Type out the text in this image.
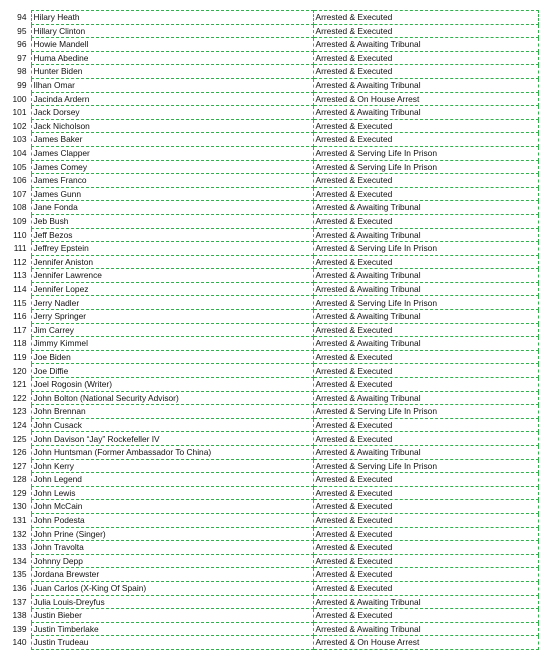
94	Hilary Heath	Arrested & Executed
95	Hillary Clinton	Arrested & Executed
96	Howie Mandell	Arrested & Awaiting Tribunal
97	Huma Abedine	Arrested & Executed
98	Hunter Biden	Arrested & Executed
99	Ilhan Omar	Arrested & Awaiting Tribunal
100	Jacinda Ardern	Arrested & On House Arrest
101	Jack Dorsey	Arrested & Awaiting Tribunal
102	Jack Nicholson	Arrested & Executed
103	James Baker	Arrested & Executed
104	James Clapper	Arrested & Serving Life In Prison
105	James Comey	Arrested & Serving Life In Prison
106	James Franco	Arrested & Executed
107	James Gunn	Arrested & Executed
108	Jane Fonda	Arrested & Awaiting Tribunal
109	Jeb Bush	Arrested & Executed
110	Jeff Bezos	Arrested & Awaiting Tribunal
111	Jeffrey Epstein	Arrested & Serving Life In Prison
112	Jennifer Aniston	Arrested & Executed
113	Jennifer Lawrence	Arrested & Awaiting Tribunal
114	Jennifer Lopez	Arrested & Awaiting Tribunal
115	Jerry Nadler	Arrested & Serving Life In Prison
116	Jerry Springer	Arrested & Awaiting Tribunal
117	Jim Carrey	Arrested & Executed
118	Jimmy Kimmel	Arrested & Awaiting Tribunal
119	Joe Biden	Arrested & Executed
120	Joe Diffie	Arrested & Executed
121	Joel Rogosin (Writer)	Arrested & Executed
122	John Bolton (National Security Advisor)	Arrested & Awaiting Tribunal
123	John Brennan	Arrested & Serving Life In Prison
124	John Cusack	Arrested & Executed
125	John Davison “Jay” Rockefeller IV	Arrested & Executed
126	John Huntsman (Former Ambassador To China)	Arrested & Awaiting Tribunal
127	John Kerry	Arrested & Serving Life In Prison
128	John Legend	Arrested & Executed
129	John Lewis	Arrested & Executed
130	John McCain	Arrested & Executed
131	John Podesta	Arrested & Executed
132	John Prine (Singer)	Arrested & Executed
133	John Travolta	Arrested & Executed
134	Johnny Depp	Arrested & Executed
135	Jordana Brewster	Arrested & Executed
136	Juan Carlos (X-King Of Spain)	Arrested & Executed
137	Julia Louis-Dreyfus	Arrested & Awaiting Tribunal
138	Justin Bieber	Arrested & Executed
139	Justin Timberlake	Arrested & Awaiting Tribunal
140	Justin Trudeau	Arrested & On House Arrest
